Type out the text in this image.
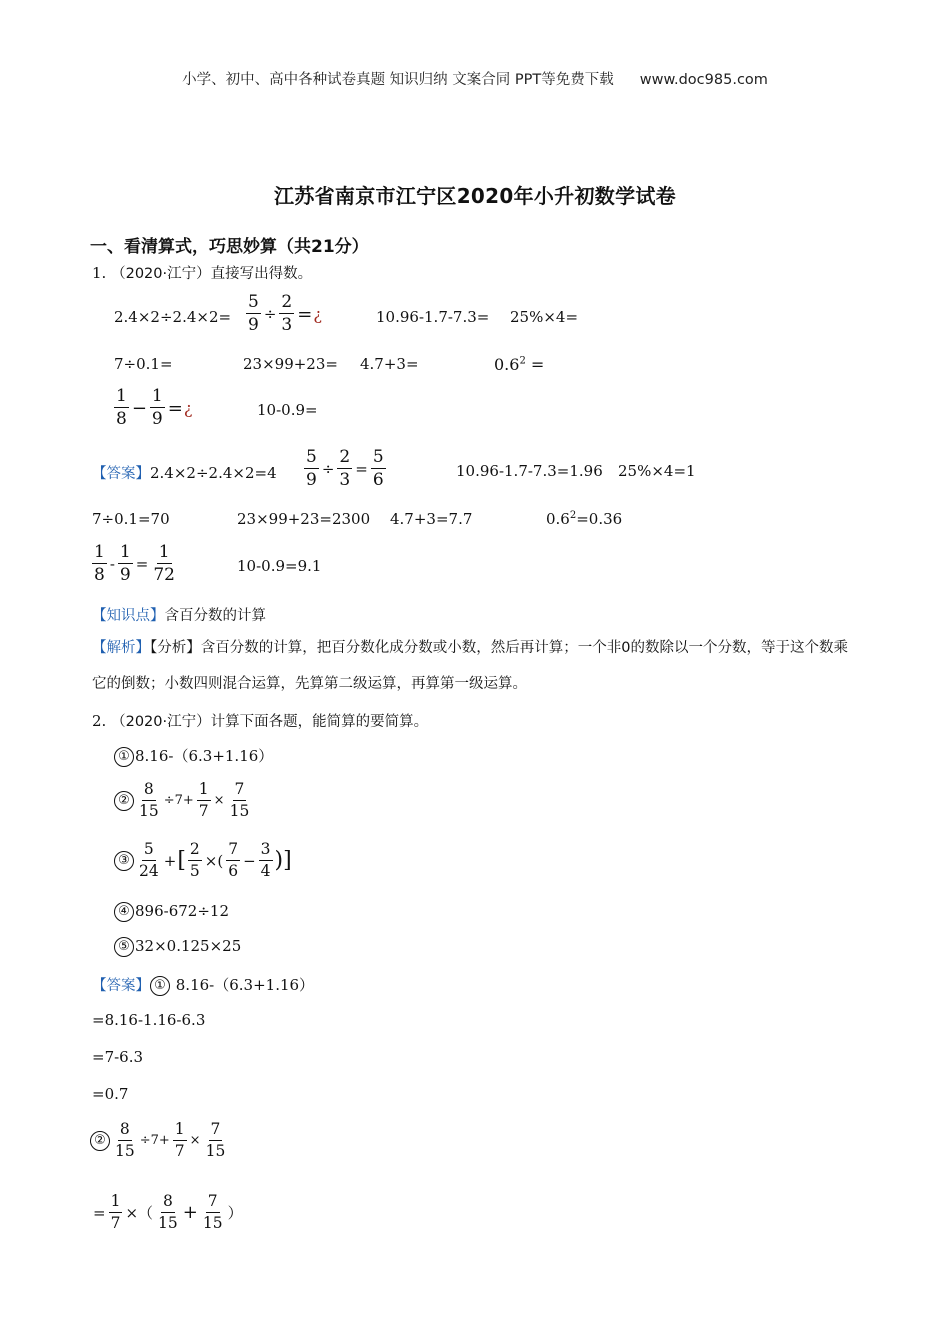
小学、初中、高中各种试卷真题 知识归纳 文案合同 PPT等免费下载 www.doc985.com
江苏省南京市江宁区2020年小升初数学试卷
一、看清算式，巧思妙算（共21分）
1. （2020·江宁）直接写出得数。
$2.4\times 2\div 2.4\times 2= \frac{5}{9} \div \frac{2}{3}$ =¿	10.96-1.7-7.3= 25%×4=
7÷0.1=	23×99+23= 4.7+3=	$0.6^2$ =
$\frac{1}{8} - \frac{1}{9}$ =¿	10-0.9=
【答案】$2.4\times 2\div 2.4\times 2=4 \frac{5}{9} \div \frac{2}{3} = \frac{5}{6}$	10.96-1.7-7.3=1.96 25%×4=1
7÷0.1=70	23×99+23=2300 4.7+3=7.7	$0.6^2=0.36$
$\frac{1}{8} - \frac{1}{9} = \frac{1}{72}$	10-0.9=9.1
【知识点】含百分数的计算
【解析】【分析】含百分数的计算，把百分数化成分数或小数，然后再计算；一个非0的数除以一个分数，等于这个数乘它的倒数；小数四则混合运算，先算第二级运算，再算第一级运算。
2. （2020·江宁）计算下面各题，能简算的要简算。
① 8.16-（6.3+1.16）
② $\frac{8}{15} \div 7+ \frac{1}{7} \times \frac{7}{15}$
③ $\frac{5}{24}$ +[ $\frac{2}{5}$ ×( $\frac{7}{6} - \frac{3}{4}$ )]
④ 896-672÷12
⑤ 32×0.125×25
【答案】 ① 8.16-（6.3+1.16）
=8.16-1.16-6.3
=7-6.3
=0.7
② $\frac{8}{15} \div 7+ \frac{1}{7} \times \frac{7}{15}$
= $\frac{1}{7}$ ×（ $\frac{8}{15} + \frac{7}{15}$ ）
